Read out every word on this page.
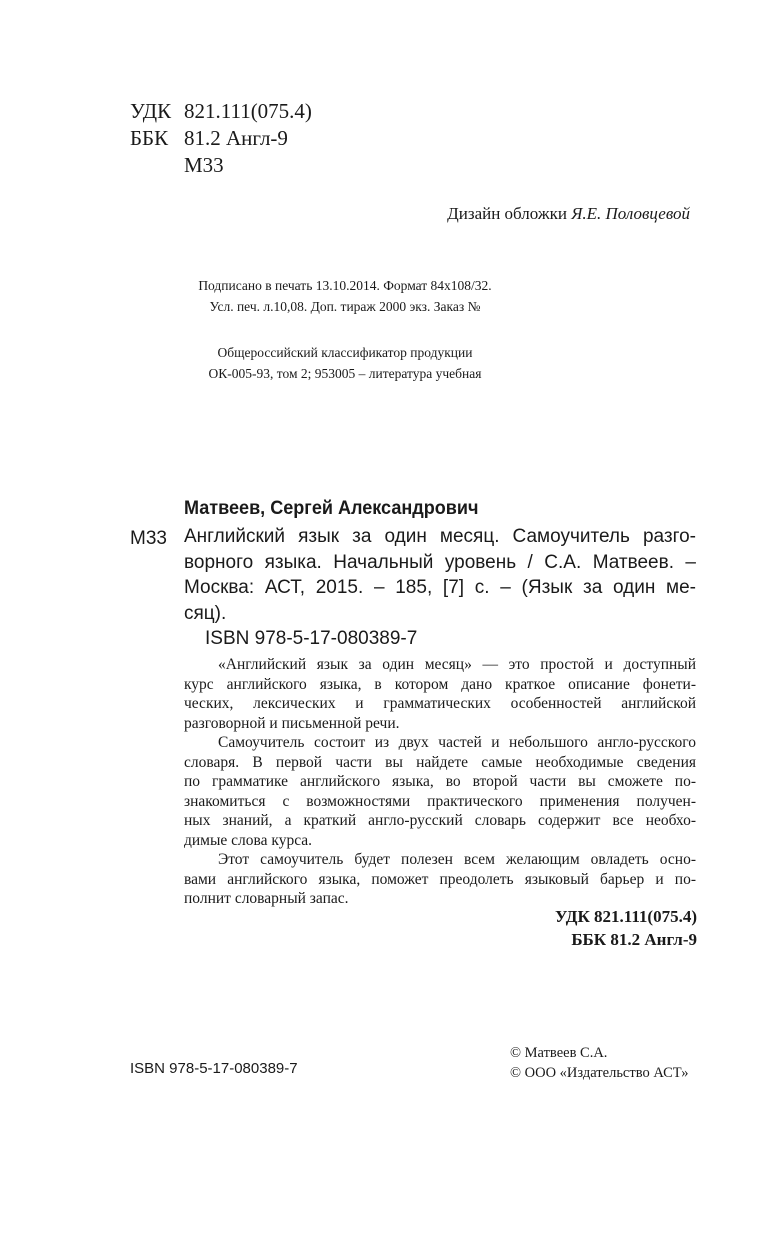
УДК 821.111(075.4)
ББК 81.2 Англ-9
М33
Дизайн обложки Я.Е. Половцевой
Подписано в печать 13.10.2014. Формат 84х108/32.
Усл. печ. л.10,08. Доп. тираж 2000 экз. Заказ №
Общероссийский классификатор продукции
ОК-005-93, том 2; 953005 – литература учебная
Матвеев, Сергей Александрович
М33 Английский язык за один месяц. Самоучитель разго-
ворного языка. Начальный уровень / С.А. Матвеев. –
Москва: АСТ, 2015. – 185, [7] с. – (Язык за один ме-
сяц).
ISBN 978-5-17-080389-7
«Английский язык за один месяц» — это простой и доступный
курс английского языка, в котором дано краткое описание фонети-
ческих, лексических и грамматических особенностей английской
разговорной и письменной речи.
Самоучитель состоит из двух частей и небольшого англо-русского
словаря. В первой части вы найдете самые необходимые сведения
по грамматике английского языка, во второй части вы сможете по-
знакомиться с возможностями практического применения получен-
ных знаний, а краткий англо-русский словарь содержит все необхо-
димые слова курса.
Этот самоучитель будет полезен всем желающим овладеть осно-
вами английского языка, поможет преодолеть языковый барьер и по-
полнит словарный запас.
УДК 821.111(075.4)
ББК 81.2 Англ-9
ISBN 978-5-17-080389-7
© Матвеев С.А.
© ООО «Издательство АСТ»
